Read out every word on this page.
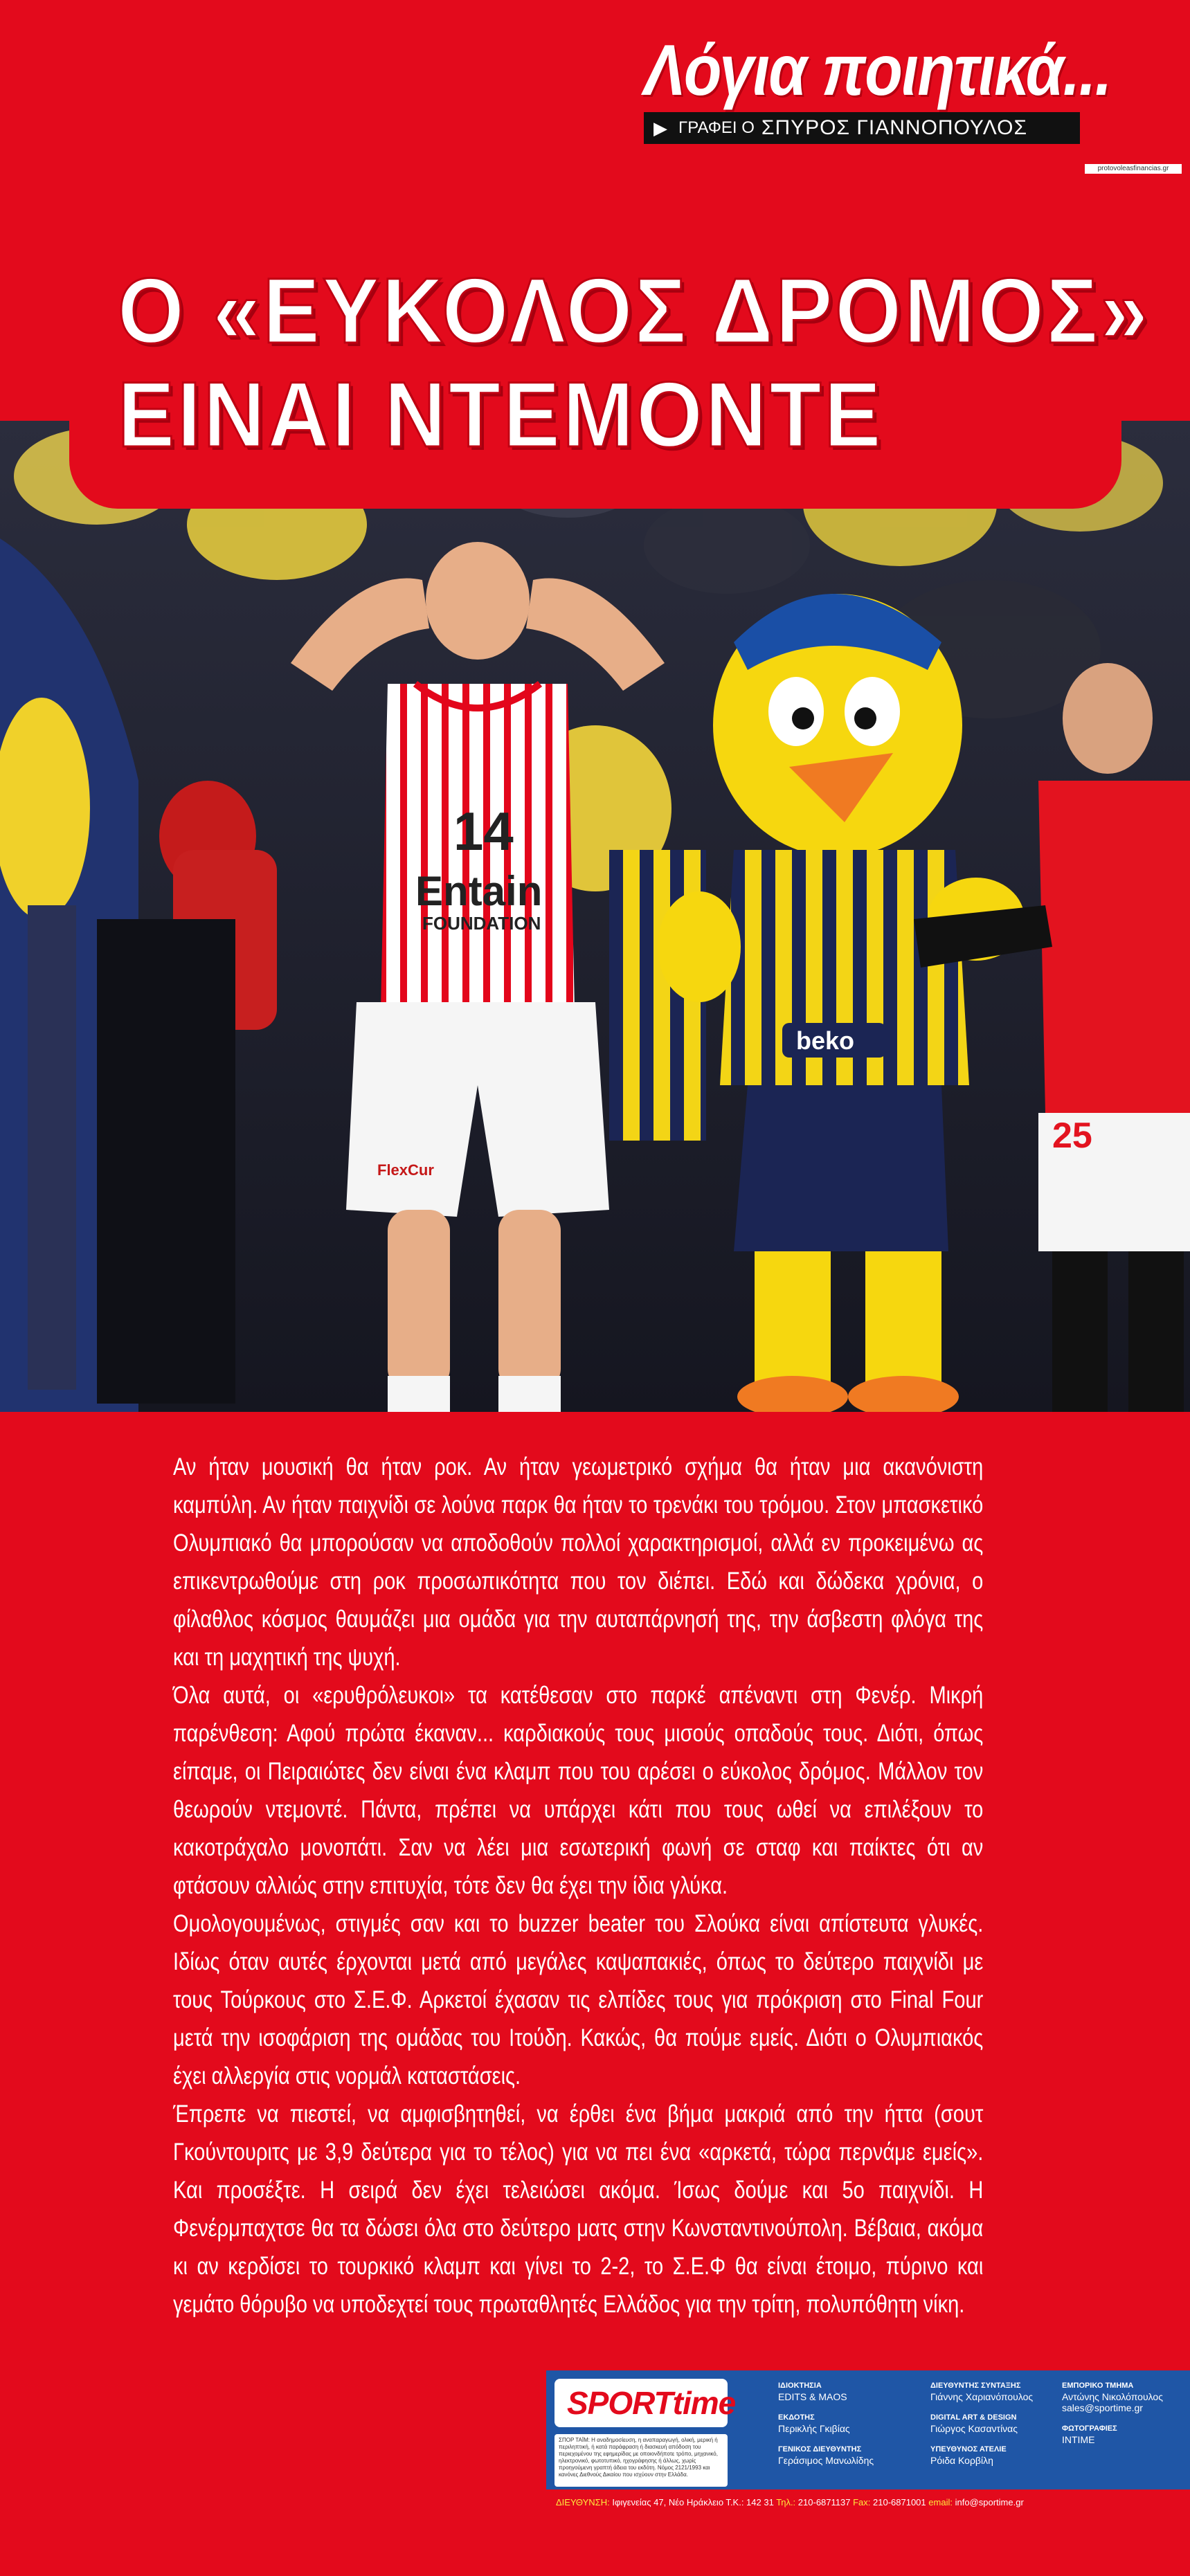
14
Entain
FOUNDATION
FlexCur
beko
25
Λόγια ποιητικά...
▶ ΓΡΑΦΕΙ Ο ΣΠΥΡΟΣ ΓΙΑΝΝΟΠΟΥΛΟΣ
protovoleasfinancias.gr
Ο «ΕΥΚΟΛΟΣ ΔΡΟΜΟΣ»
ΕΙΝΑΙ ΝΤΕΜΟΝΤΕ

Αν ήταν μουσική θα ήταν ροκ. Αν ήταν γεωμετρικό σχήμα θα ήταν μια ακανόνιστη καμπύλη. Αν ήταν παιχνίδι σε λούνα παρκ θα ήταν το τρενάκι του τρόμου. Στον μπασκετικό Ολυμπιακό θα μπορούσαν να αποδοθούν πολλοί χαρακτηρισμοί, αλλά εν προκειμένω ας επικεντρωθούμε στη ροκ προσωπικότητα που τον διέπει. Εδώ και δώδεκα χρόνια, ο φίλαθλος κόσμος θαυμάζει μια ομάδα για την αυταπάρνησή της, την άσβεστη φλόγα της και τη μαχητική της ψυχή.

Όλα αυτά, οι «ερυθρόλευκοι» τα κατέθεσαν στο παρκέ απέναντι στη Φενέρ. Μικρή παρένθεση: Αφού πρώτα έκαναν... καρδιακούς τους μισούς οπαδούς τους. Διότι, όπως είπαμε, οι Πειραιώτες δεν είναι ένα κλαμπ που του αρέσει ο εύκολος δρόμος. Μάλλον τον θεωρούν ντεμοντέ. Πάντα, πρέπει να υπάρχει κάτι που τους ωθεί να επιλέξουν το κακοτράχαλο μονοπάτι. Σαν να λέει μια εσωτερική φωνή σε σταφ και παίκτες ότι αν φτάσουν αλλιώς στην επιτυχία, τότε δεν θα έχει την ίδια γλύκα.

Ομολογουμένως, στιγμές σαν και το buzzer beater του Σλούκα είναι απίστευτα γλυκές. Ιδίως όταν αυτές έρχονται μετά από μεγάλες καψαπακιές, όπως το δεύτερο παιχνίδι με τους Τούρκους στο Σ.Ε.Φ. Αρκετοί έχασαν τις ελπίδες τους για πρόκριση στο Final Four μετά την ισοφάριση της ομάδας του Ιτούδη. Κακώς, θα πούμε εμείς. Διότι ο Ολυμπιακός έχει αλλεργία στις νορμάλ καταστάσεις.

Έπρεπε να πιεστεί, να αμφισβητηθεί, να έρθει ένα βήμα μακριά από την ήττα (σουτ Γκούντουριτς με 3,9 δεύτερα για το τέλος) για να πει ένα «αρκετά, τώρα περνάμε εμείς». Και προσέξτε. Η σειρά δεν έχει τελειώσει ακόμα. Ίσως δούμε και 5ο παιχνίδι. Η Φενέρμπαχτσε θα τα δώσει όλα στο δεύτερο ματς στην Κωνσταντινούπολη. Βέβαια, ακόμα κι αν κερδίσει το τουρκικό κλαμπ και γίνει το 2-2, το Σ.Ε.Φ θα είναι έτοιμο, πύρινο και γεμάτο θόρυβο να υποδεχτεί τους πρωταθλητές Ελλάδος για την τρίτη, πολυπόθητη νίκη.

SPORTtime
ΣΠΟΡ ΤΑΪΜ: Η αναδημοσίευση, η αναπαραγωγή, ολική, μερική ή περιληπτική, ή κατά παράφραση ή διασκευή απόδοση του περιεχομένου της εφημερίδας με οποιονδήποτε τρόπο, μηχανικό, ηλεκτρονικό, φωτοτυπικό, ηχογράφησης ή άλλως, χωρίς προηγούμενη γραπτή άδεια του εκδότη. Νόμος 2121/1993 και κανόνες Διεθνούς Δικαίου που ισχύουν στην Ελλάδα.
ΙΔΙΟΚΤΗΣΙΑ
EDITS & MAOS
ΕΚΔΟΤΗΣ
Περικλής Γκιβίας
ΓΕΝΙΚΟΣ ΔΙΕΥΘΥΝΤΗΣ
Γεράσιμος Μανωλίδης
ΔΙΕΥΘΥΝΤΗΣ ΣΥΝΤΑΞΗΣ
Γιάννης Χαριανόπουλος
DIGITAL ART & DESIGN
Γιώργος Κασαντίνας
ΥΠΕΥΘΥΝΟΣ ΑΤΕΛΙΕ
Ρόιδα Κορβίλη
ΕΜΠΟΡΙΚΟ ΤΜΗΜΑ
Αντώνης Νικολόπουλος
sales@sportime.gr
ΦΩΤΟΓΡΑΦΙΕΣ
INTIME
ΔΙΕΥΘΥΝΣΗ: Ιφιγενείας 47, Νέο Ηράκλειο Τ.Κ.: 142 31 Τηλ.: 210-6871137 Fax: 210-6871001 email: info@sportime.gr
